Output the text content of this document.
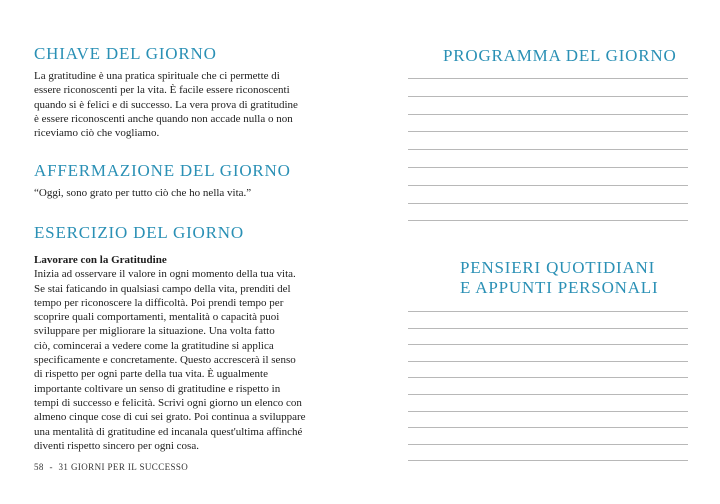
CHIAVE DEL GIORNO
La gratitudine è una pratica spirituale che ci permette di
essere riconoscenti per la vita. È facile essere riconoscenti
quando si è felici e di successo. La vera prova di gratitudine
è essere riconoscenti anche quando non accade nulla o non
riceviamo ciò che vogliamo.
AFFERMAZIONE DEL GIORNO
“Oggi, sono grato per tutto ciò che ho nella vita.”
ESERCIZIO DEL GIORNO
Lavorare con la Gratitudine
Inizia ad osservare il valore in ogni momento della tua vita.
Se stai faticando in qualsiasi campo della vita, prenditi del
tempo per riconoscere la difficoltà. Poi prendi tempo per
scoprire quali comportamenti, mentalità o capacità puoi
sviluppare per migliorare la situazione. Una volta fatto
ciò, comincerai a vedere come la gratitudine si applica
specificamente e concretamente. Questo accrescerà il senso
di rispetto per ogni parte della tua vita. È ugualmente
importante coltivare un senso di gratitudine e rispetto in
tempi di successo e felicità. Scrivi ogni giorno un elenco con
almeno cinque cose di cui sei grato. Poi continua a sviluppare
una mentalità di gratitudine ed incanala quest'ultima affinché
diventi rispetto sincero per ogni cosa.
58 - 31 GIORNI PER IL SUCCESSO
PROGRAMMA DEL GIORNO
PENSIERI QUOTIDIANI
E APPUNTI PERSONALI
